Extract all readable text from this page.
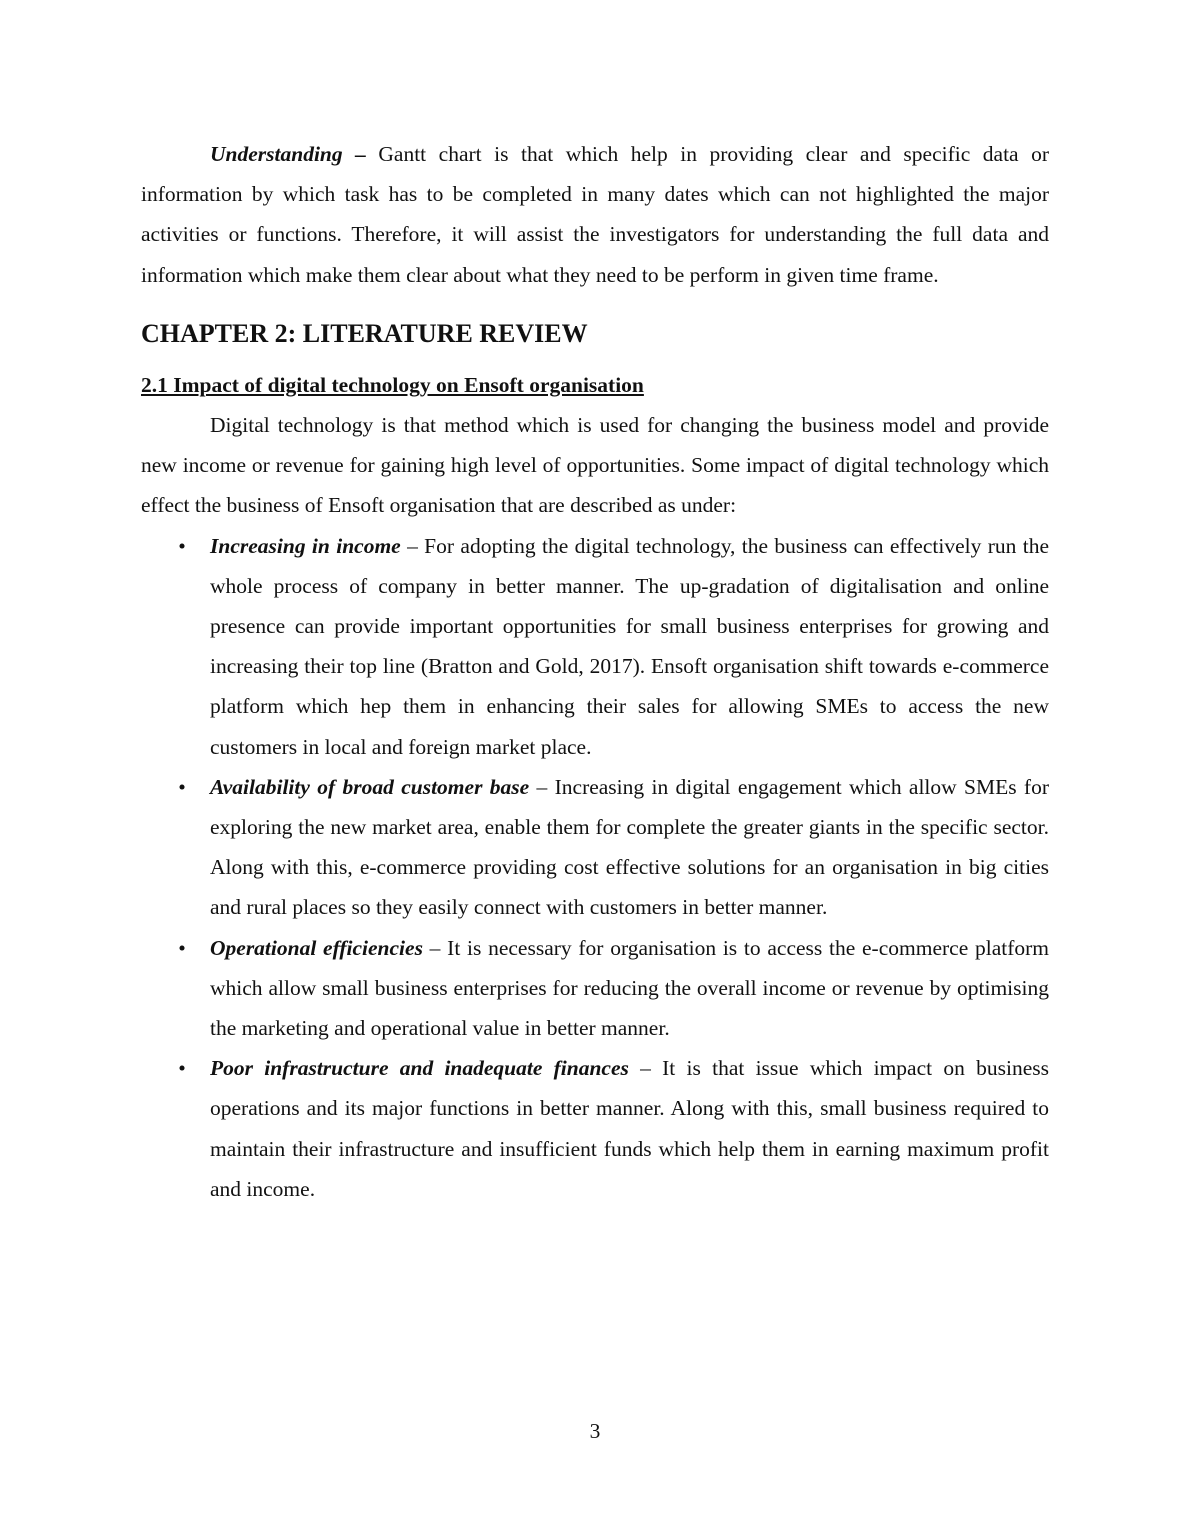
Understanding – Gantt chart is that which help in providing clear and specific data or information by which task has to be completed in many dates which can not highlighted the major activities or functions. Therefore, it will assist the investigators for understanding the full data and information which make them clear about what they need to be perform in given time frame.

CHAPTER 2: LITERATURE REVIEW
2.1 Impact of digital technology on Ensoft organisation

Digital technology is that method which is used for changing the business model and provide new income or revenue for gaining high level of opportunities. Some impact of digital technology which effect the business of Ensoft organisation that are described as under:

• Increasing in income – For adopting the digital technology, the business can effectively run the whole process of company in better manner. The up-gradation of digitalisation and online presence can provide important opportunities for small business enterprises for growing and increasing their top line (Bratton and Gold, 2017). Ensoft organisation shift towards e-commerce platform which hep them in enhancing their sales for allowing SMEs to access the new customers in local and foreign market place.
• Availability of broad customer base – Increasing in digital engagement which allow SMEs for exploring the new market area, enable them for complete the greater giants in the specific sector. Along with this, e-commerce providing cost effective solutions for an organisation in big cities and rural places so they easily connect with customers in better manner.
• Operational efficiencies – It is necessary for organisation is to access the e-commerce platform which allow small business enterprises for reducing the overall income or revenue by optimising the marketing and operational value in better manner.
• Poor infrastructure and inadequate finances – It is that issue which impact on business operations and its major functions in better manner. Along with this, small business required to maintain their infrastructure and insufficient funds which help them in earning maximum profit and income.
3
